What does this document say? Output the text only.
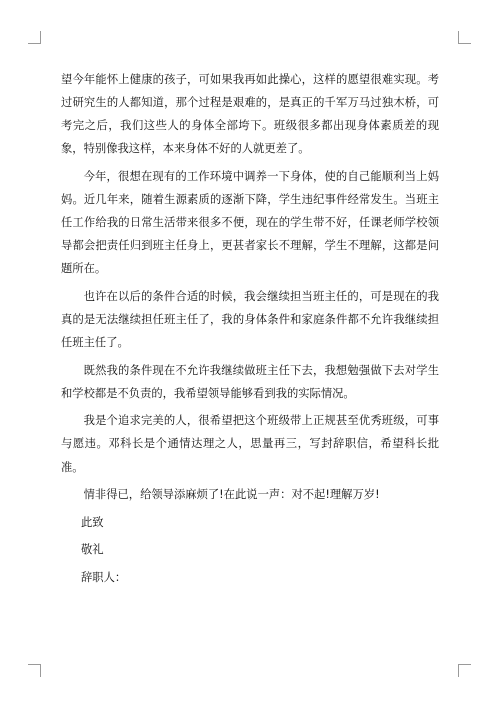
望今年能怀上健康的孩子，可如果我再如此操心，这样的愿望很难实现。考过研究生的人都知道，那个过程是艰难的，是真正的千军万马过独木桥，可考完之后，我们这些人的身体全部垮下。班级很多都出现身体素质差的现象，特别像我这样，本来身体不好的人就更差了。

今年，很想在现有的工作环境中调养一下身体，使的自己能顺利当上妈妈。近几年来，随着生源素质的逐渐下降，学生违纪事件经常发生。当班主任工作给我的日常生活带来很多不便，现在的学生带不好，任课老师学校领导都会把责任归到班主任身上，更甚者家长不理解，学生不理解，这都是问题所在。

也许在以后的条件合适的时候，我会继续担当班主任的，可是现在的我真的是无法继续担任班主任了，我的身体条件和家庭条件都不允许我继续担任班主任了。

既然我的条件现在不允许我继续做班主任下去，我想勉强做下去对学生和学校都是不负责的，我希望领导能够看到我的实际情况。

我是个追求完美的人，很希望把这个班级带上正规甚至优秀班级，可事与愿违。邓科长是个通情达理之人，思量再三，写封辞职信，希望科长批准。

情非得已，给领导添麻烦了!在此说一声：对不起!理解万岁!

此致

敬礼

辞职人：
